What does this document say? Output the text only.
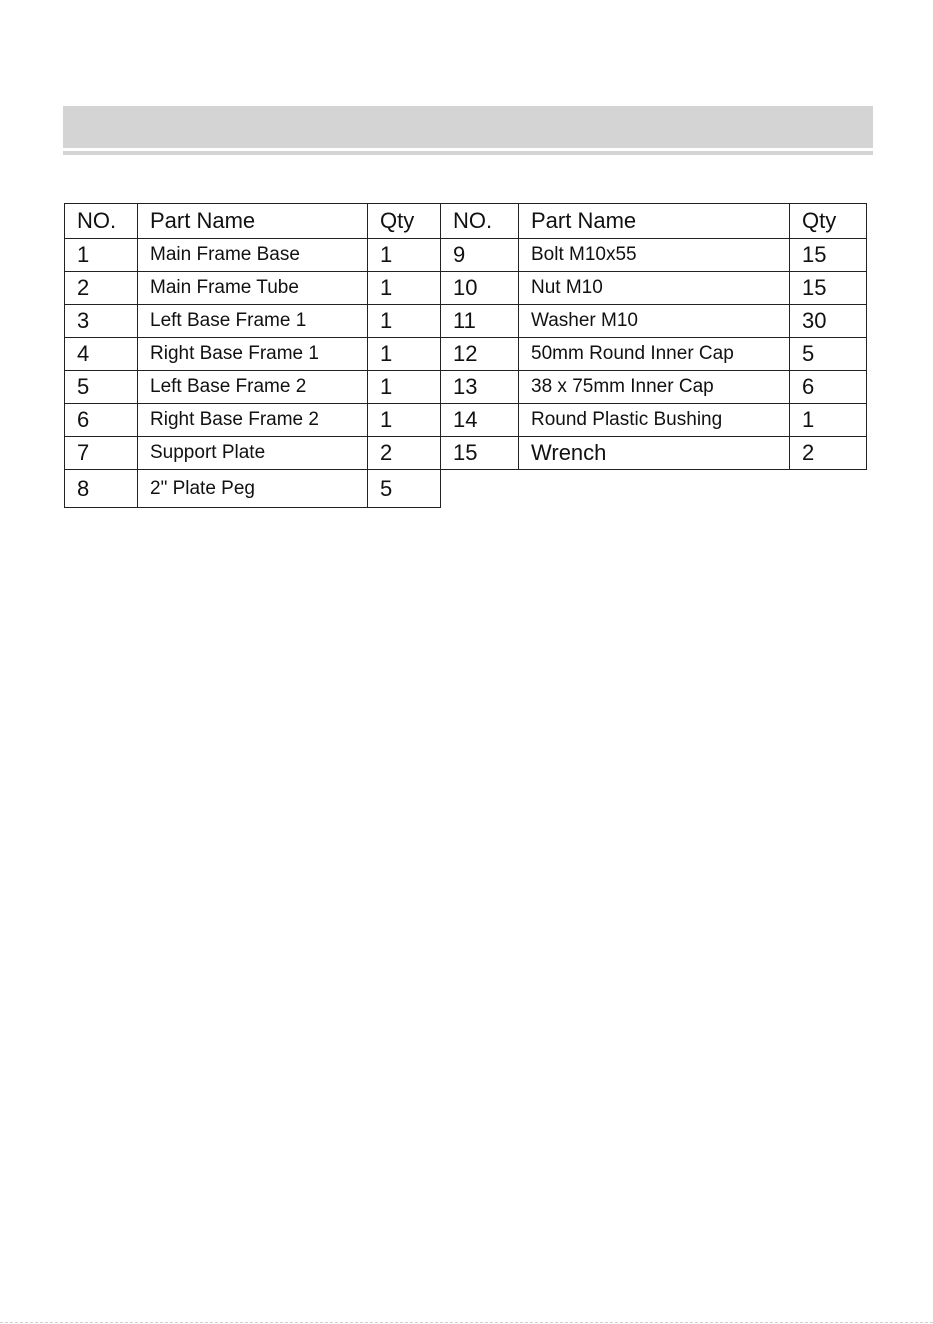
NO.	Part Name	Qty	NO.	Part Name	Qty
1	Main Frame Base	1	9	Bolt M10x55	15
2	Main Frame Tube	1	10	Nut M10	15
3	Left Base Frame 1	1	11	Washer M10	30
4	Right Base Frame 1	1	12	50mm Round Inner Cap	5
5	Left Base Frame 2	1	13	38 x 75mm Inner Cap	6
6	Right Base Frame 2	1	14	Round Plastic Bushing	1
7	Support Plate	2	15	Wrench	2
8	2" Plate Peg	5			
